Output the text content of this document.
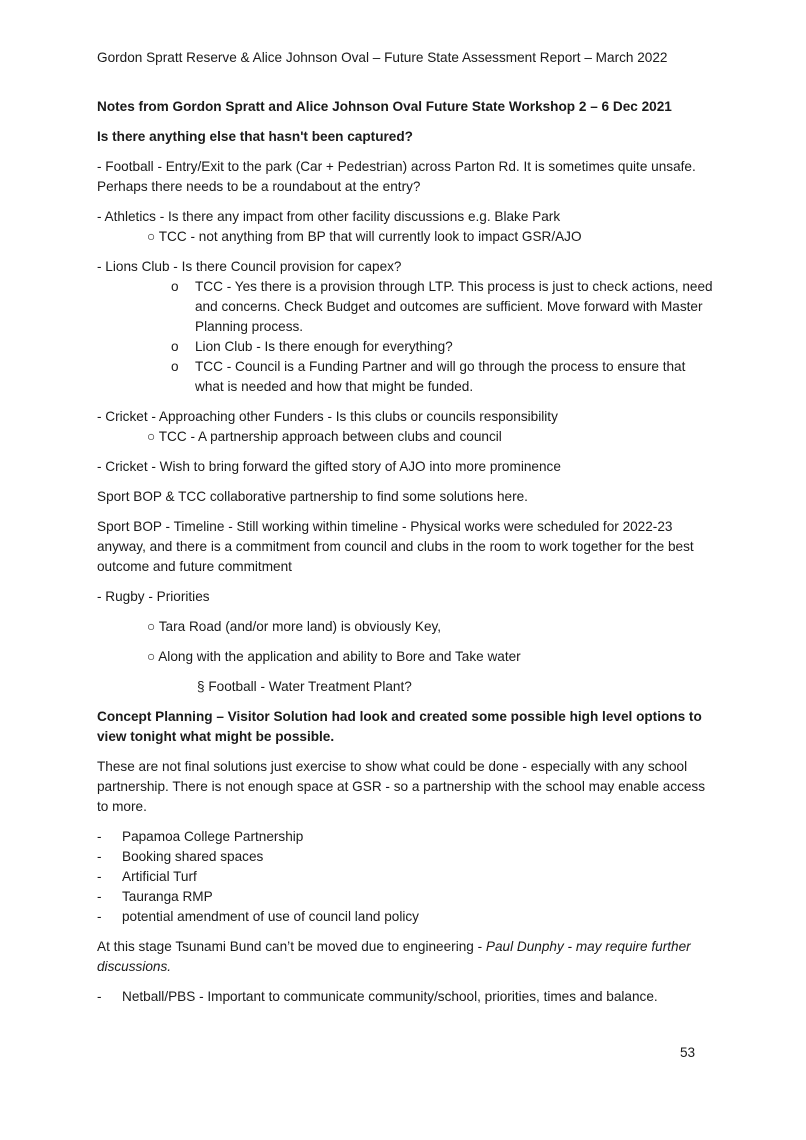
Gordon Spratt Reserve & Alice Johnson Oval – Future State Assessment Report – March 2022

Notes from Gordon Spratt and Alice Johnson Oval Future State Workshop 2 – 6 Dec 2021

Is there anything else that hasn't been captured?

- Football - Entry/Exit to the park (Car + Pedestrian) across Parton Rd. It is sometimes quite unsafe. Perhaps there needs to be a roundabout at the entry?

- Athletics - Is there any impact from other facility discussions e.g. Blake Park

○ TCC - not anything from BP that will currently look to impact GSR/AJO

- Lions Club - Is there Council provision for capex?

o TCC - Yes there is a provision through LTP. This process is just to check actions, need and concerns. Check Budget and outcomes are sufficient. Move forward with Master Planning process.
o Lion Club - Is there enough for everything?
o TCC - Council is a Funding Partner and will go through the process to ensure that what is needed and how that might be funded.

- Cricket - Approaching other Funders - Is this clubs or councils responsibility

○ TCC - A partnership approach between clubs and council

- Cricket - Wish to bring forward the gifted story of AJO into more prominence

Sport BOP & TCC collaborative partnership to find some solutions here.

Sport BOP - Timeline - Still working within timeline - Physical works were scheduled for 2022-23 anyway, and there is a commitment from council and clubs in the room to work together for the best outcome and future commitment

- Rugby - Priorities

○ Tara Road (and/or more land) is obviously Key,

○ Along with the application and ability to Bore and Take water

§ Football - Water Treatment Plant?

Concept Planning – Visitor Solution had look and created some possible high level options to view tonight what might be possible.

These are not final solutions just exercise to show what could be done - especially with any school partnership. There is not enough space at GSR - so a partnership with the school may enable access to more.

- Papamoa College Partnership
- Booking shared spaces
- Artificial Turf
- Tauranga RMP
- potential amendment of use of council land policy

At this stage Tsunami Bund can’t be moved due to engineering - Paul Dunphy - may require further discussions.

- Netball/PBS - Important to communicate community/school, priorities, times and balance.
53
